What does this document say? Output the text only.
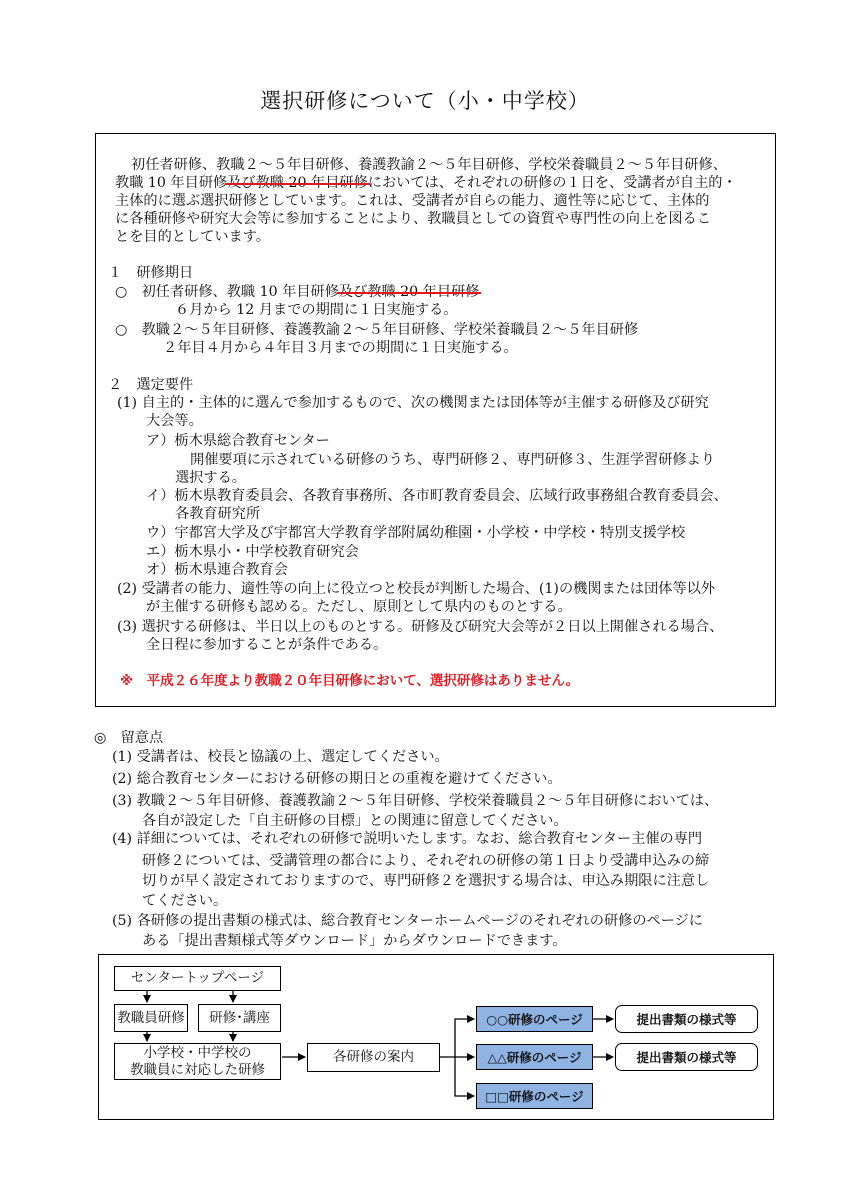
選択研修について（小・中学校）
初任者研修、教職２～５年目研修、養護教諭２～５年目研修、学校栄養職員２～５年目研修、
教職 10 年目研修及び教職 20 年目研修においては、それぞれの研修の１日を、受講者が自主的・
主体的に選ぶ選択研修としています。これは、受講者が自らの能力、適性等に応じて、主体的
に各種研修や研究大会等に参加することにより、教職員としての資質や専門性の向上を図るこ
とを目的としています。
１　研修期日
○　初任者研修、教職 10 年目研修及び教職 20 年目研修
６月から 12 月までの期間に１日実施する。
○　教職２～５年目研修、養護教諭２～５年目研修、学校栄養職員２～５年目研修
２年目４月から４年目３月までの期間に１日実施する。
２　選定要件
(1) 自主的・主体的に選んで参加するもので、次の機関または団体等が主催する研修及び研究
大会等。
ア）栃木県総合教育センター
開催要項に示されている研修のうち、専門研修２、専門研修３、生涯学習研修より
選択する。
イ）栃木県教育委員会、各教育事務所、各市町教育委員会、広域行政事務組合教育委員会、
各教育研究所
ウ）宇都宮大学及び宇都宮大学教育学部附属幼稚園・小学校・中学校・特別支援学校
エ）栃木県小・中学校教育研究会
オ）栃木県連合教育会
(2) 受講者の能力、適性等の向上に役立つと校長が判断した場合、(1)の機関または団体等以外
が主催する研修も認める。ただし、原則として県内のものとする。
(3) 選択する研修は、半日以上のものとする。研修及び研究大会等が２日以上開催される場合、
全日程に参加することが条件である。
※　平成２６年度より教職２０年目研修において、選択研修はありません。
◎　留意点
(1) 受講者は、校長と協議の上、選定してください。
(2) 総合教育センターにおける研修の期日との重複を避けてください。
(3) 教職２～５年目研修、養護教諭２～５年目研修、学校栄養職員２～５年目研修においては、
各自が設定した「自主研修の目標」との関連に留意してください。
(4) 詳細については、それぞれの研修で説明いたします。なお、総合教育センター主催の専門
研修２については、受講管理の都合により、それぞれの研修の第１日より受講申込みの締
切りが早く設定されておりますので、専門研修２を選択する場合は、申込み期限に注意し
てください。
(5) 各研修の提出書類の様式は、総合教育センターホームページのそれぞれの研修のページに
ある「提出書類様式等ダウンロード」からダウンロードできます。
センタートップページ
教職員研修	研修･講座
小学校・中学校の
教職員に対応した研修
各研修の案内
○○研修のページ
△△研修のページ
□□研修のページ
提出書類の様式等
提出書類の様式等
